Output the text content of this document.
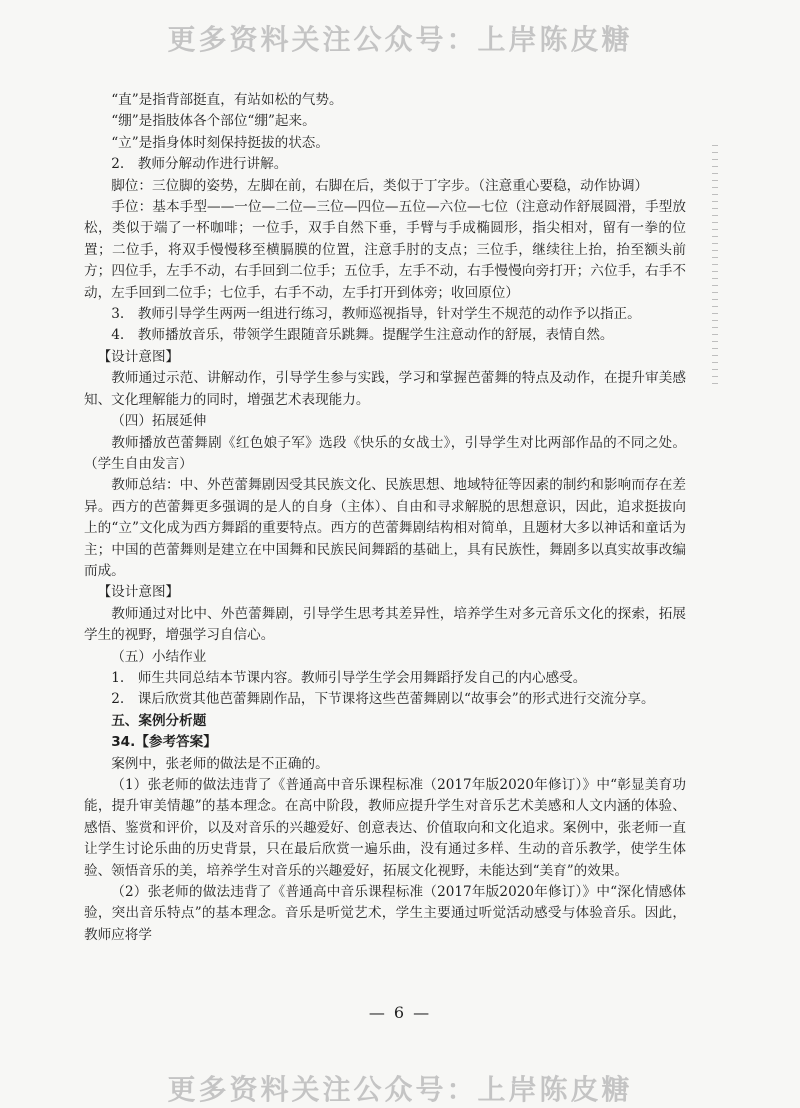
更多资料关注公众号：上岸陈皮糖

“直”是指背部挺直，有站如松的气势。

“绷”是指肢体各个部位“绷”起来。

“立”是指身体时刻保持挺拔的状态。

2.　教师分解动作进行讲解。

脚位：三位脚的姿势，左脚在前，右脚在后，类似于丁字步。（注意重心要稳，动作协调）

手位：基本手型——一位—二位—三位—四位—五位—六位—七位（注意动作舒展圆滑，手型放松，类似于端了一杯咖啡；一位手，双手自然下垂，手臂与手成椭圆形，指尖相对，留有一拳的位置；二位手，将双手慢慢移至横膈膜的位置，注意手肘的支点；三位手，继续往上抬，抬至额头前方；四位手，左手不动，右手回到二位手；五位手，左手不动，右手慢慢向旁打开；六位手，右手不动，左手回到二位手；七位手，右手不动，左手打开到体旁；收回原位）

3.　教师引导学生两两一组进行练习，教师巡视指导，针对学生不规范的动作予以指正。

4.　教师播放音乐，带领学生跟随音乐跳舞。提醒学生注意动作的舒展，表情自然。

【设计意图】

教师通过示范、讲解动作，引导学生参与实践，学习和掌握芭蕾舞的特点及动作，在提升审美感知、文化理解能力的同时，增强艺术表现能力。

（四）拓展延伸

教师播放芭蕾舞剧《红色娘子军》选段《快乐的女战士》，引导学生对比两部作品的不同之处。（学生自由发言）

教师总结：中、外芭蕾舞剧因受其民族文化、民族思想、地域特征等因素的制约和影响而存在差异。西方的芭蕾舞更多强调的是人的自身（主体）、自由和寻求解脱的思想意识，因此，追求挺拔向上的“立”文化成为西方舞蹈的重要特点。西方的芭蕾舞剧结构相对简单，且题材大多以神话和童话为主；中国的芭蕾舞则是建立在中国舞和民族民间舞蹈的基础上，具有民族性，舞剧多以真实故事改编而成。

【设计意图】

教师通过对比中、外芭蕾舞剧，引导学生思考其差异性，培养学生对多元音乐文化的探索，拓展学生的视野，增强学习自信心。

（五）小结作业

1.　师生共同总结本节课内容。教师引导学生学会用舞蹈抒发自己的内心感受。

2.　课后欣赏其他芭蕾舞剧作品，下节课将这些芭蕾舞剧以“故事会”的形式进行交流分享。

五、案例分析题

34.【参考答案】

案例中，张老师的做法是不正确的。

（1）张老师的做法违背了《普通高中音乐课程标准（2017年版2020年修订）》中“彰显美育功能，提升审美情趣”的基本理念。在高中阶段，教师应提升学生对音乐艺术美感和人文内涵的体验、感悟、鉴赏和评价，以及对音乐的兴趣爱好、创意表达、价值取向和文化追求。案例中，张老师一直让学生讨论乐曲的历史背景，只在最后欣赏一遍乐曲，没有通过多样、生动的音乐教学，使学生体验、领悟音乐的美，培养学生对音乐的兴趣爱好，拓展文化视野，未能达到“美育”的效果。

（2）张老师的做法违背了《普通高中音乐课程标准（2017年版2020年修订）》中“深化情感体验，突出音乐特点”的基本理念。音乐是听觉艺术，学生主要通过听觉活动感受与体验音乐。因此，教师应将学

— 6 —
更多资料关注公众号：上岸陈皮糖
